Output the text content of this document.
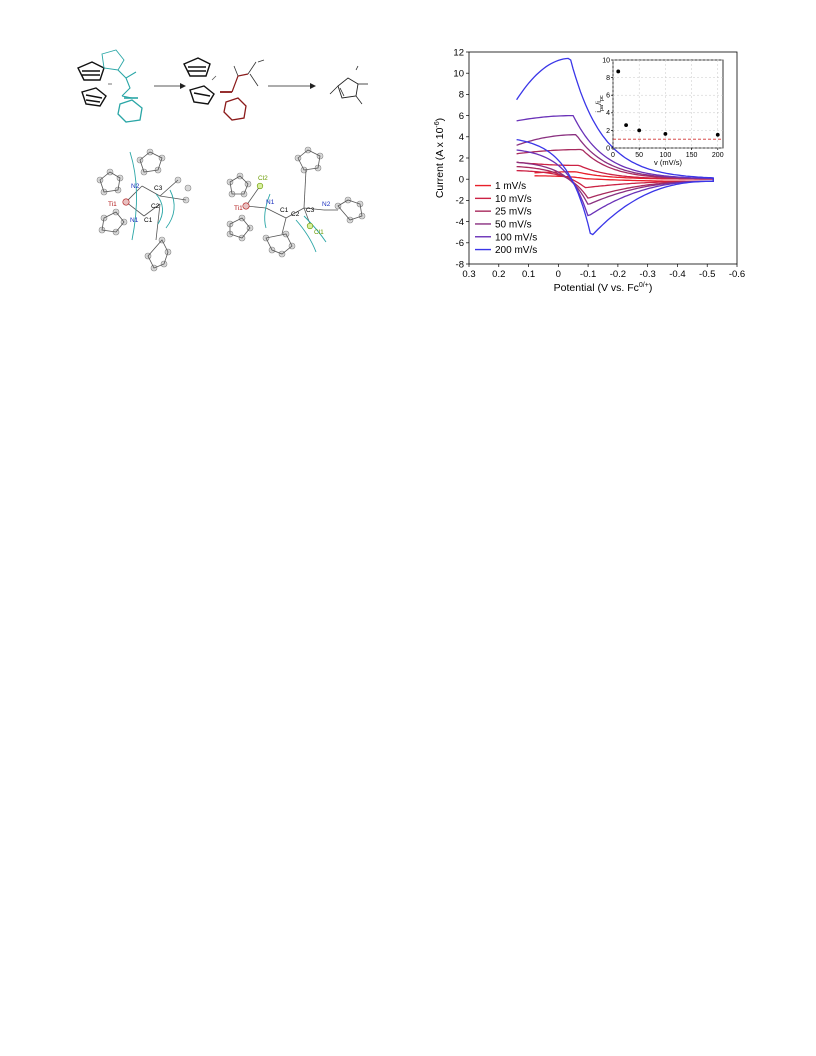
N2
Ti1
N1
C3
C2
C1
Cl2
Ti1
N1
C1
C2
C3
N2
Cl1
0.3 0.2 0.1 0 -0.1 -0.2 -0.3 -0.4 -0.5 -0.6
-8
-6
-4
-2
0
2
4
6
8
10
12
1 mV/s
10 mV/s
25 mV/s
50 mV/s
100 mV/s
200 mV/s
Potential (V vs. $Fc^{0/+}$)
Current (A x $10^{-6}$)
0	50 100 150 200
0
2
4
6
8
10
v (mV/s)
$i_{pa}/i_{pc}$
